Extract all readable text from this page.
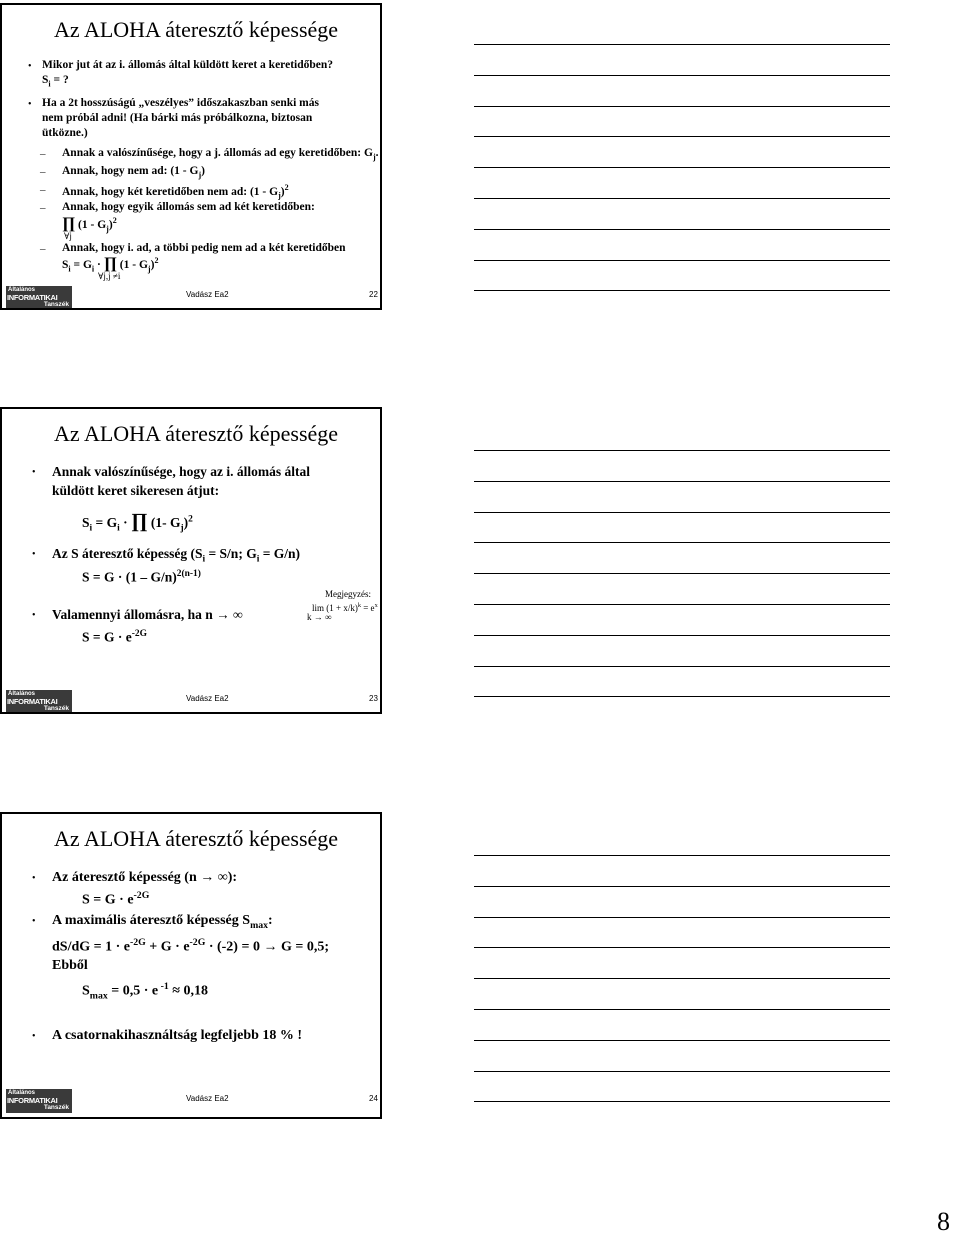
Az ALOHA áteresztő képessége
• Mikor jut át az i. állomás által küldött keret a keretidőben?
$S_i$ = ?
• Ha a 2t hosszúságú „veszélyes” időszakaszban senki más
nem próbál adni! (Ha bárki más próbálkozna, biztosan
ütközne.)
– Annak a valószínűsége, hogy a j. állomás ad egy keretidőben: $G_j$.
– Annak, hogy nem ad: $(1 - G_j)$
– Annak, hogy két keretidőben nem ad: $(1 - G_j)^2$
– Annak, hogy egyik állomás sem ad két keretidőben:
∏ $(1 - G_j)^2$
∀j
– Annak, hogy i. ad, a többi pedig nem ad a két keretidőben
$S_i = G_i$ · ∏ $(1 - G_j)^2$
∀j,j ≠i
Általános
INFORMATIKAI
Tanszék
Vadász Ea2	22
Az ALOHA áteresztő képessége
• Annak valószínűsége, hogy az i. állomás által
küldött keret sikeresen átjut:
$S_i = G_i$ · ∏ (1- $G_j)^2$
• Az S áteresztő képesség ($S_i = S/n$; $G_i = G/n$)
S = G · (1 – G/n)$^{2(n-1)}$
Megjegyzés:
$\lim (1 + x/k)^k = e^x$
k → ∞
• Valamennyi állomásra, ha n → ∞
$S = G \cdot e^{-2G}$
Általános
INFORMATIKAI
Tanszék
Vadász Ea2	23
Az ALOHA áteresztő képessége
• Az áteresztő képesség (n → ∞):
$S = G \cdot e^{-2G}$
• A maximális áteresztő képesség $S_{max}$:
$dS/dG = 1 \cdot e^{-2G} + G \cdot e^{-2G} \cdot (-2) = 0 \to G = 0,5$;
Ebből
$S_{max} = 0,5 \cdot e$ $^{-1}$ ≈ 0,18
• A csatornakihasználtság legfeljebb 18 % !
Általános
INFORMATIKAI
Tanszék
Vadász Ea2	24
8
